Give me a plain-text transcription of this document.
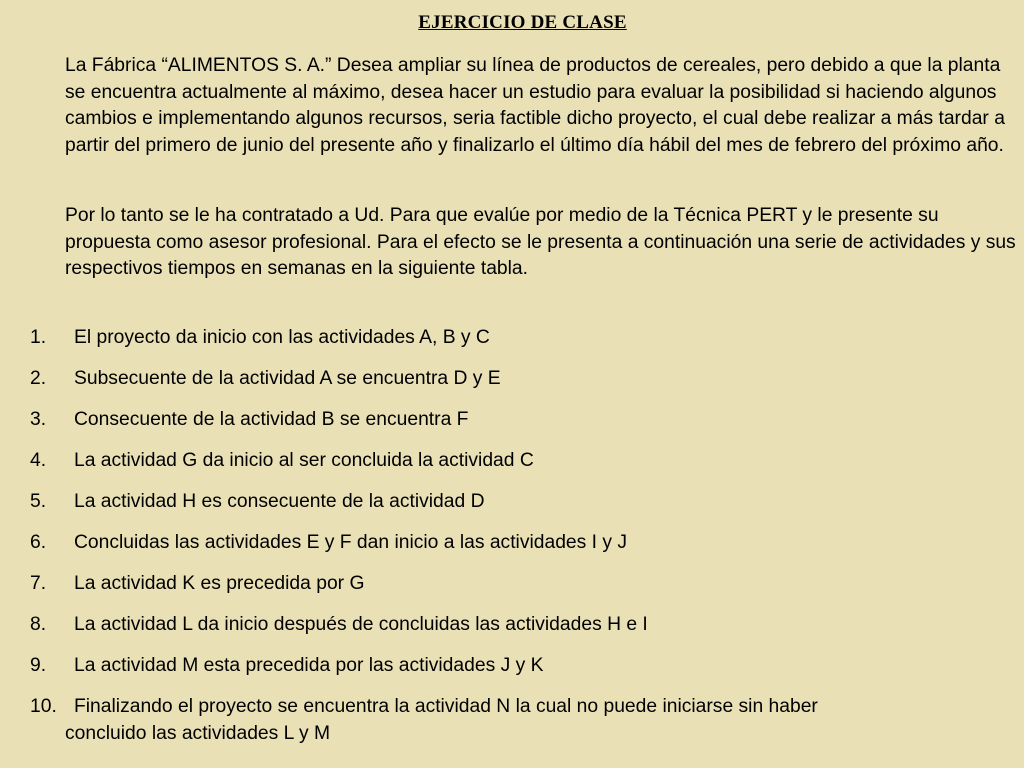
EJERCICIO DE CLASE

La Fábrica “ALIMENTOS S. A.” Desea ampliar su línea de productos de cereales, pero debido a que la planta se encuentra actualmente al máximo, desea hacer un estudio para evaluar la posibilidad si haciendo algunos cambios e implementando algunos recursos, seria factible dicho proyecto, el cual debe realizar a más tardar a partir del primero de junio del presente año y finalizarlo el último día hábil del mes de febrero del próximo año.

Por lo tanto se le ha contratado a Ud. Para que evalúe por medio de la Técnica PERT y le presente su propuesta como asesor profesional. Para el efecto se le presenta a continuación una serie de actividades y sus respectivos tiempos en semanas en la siguiente tabla.

1. El proyecto da inicio con las actividades A, B y C
2. Subsecuente de la actividad A se encuentra D y E
3. Consecuente de la actividad B se encuentra F
4. La actividad G da inicio al ser concluida la actividad C
5. La actividad H es consecuente de la actividad D
6. Concluidas las actividades E y F dan inicio a las actividades I y J
7. La actividad K es precedida por G
8. La actividad L da inicio después de concluidas las actividades H e I
9. La actividad M esta precedida por las actividades J y K
10. Finalizando el proyecto se encuentra la actividad N la cual no puede iniciarse sin haber
concluido las actividades L y M
